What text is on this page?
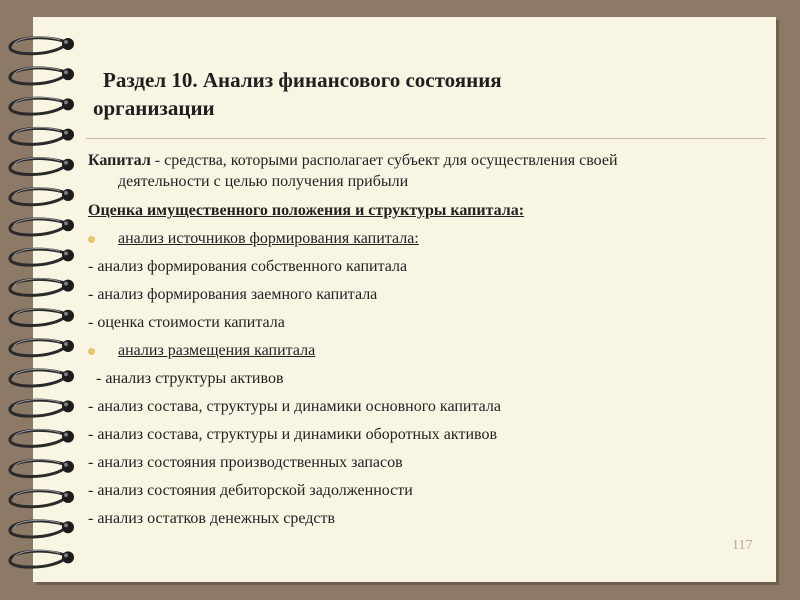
Раздел 10. Анализ финансового состояния
организации
Капитал - средства, которыми располагает субъект для осуществления своей
деятельности с целью получения прибыли
Оценка имущественного положения и структуры капитала:
анализ источников формирования капитала:
- анализ формирования собственного капитала
- анализ формирования заемного капитала
- оценка стоимости капитала
анализ размещения капитала
- анализ структуры активов
- анализ состава, структуры и динамики основного капитала
- анализ состава, структуры и динамики оборотных активов
- анализ состояния производственных запасов
- анализ состояния дебиторской задолженности
- анализ остатков денежных средств
117
